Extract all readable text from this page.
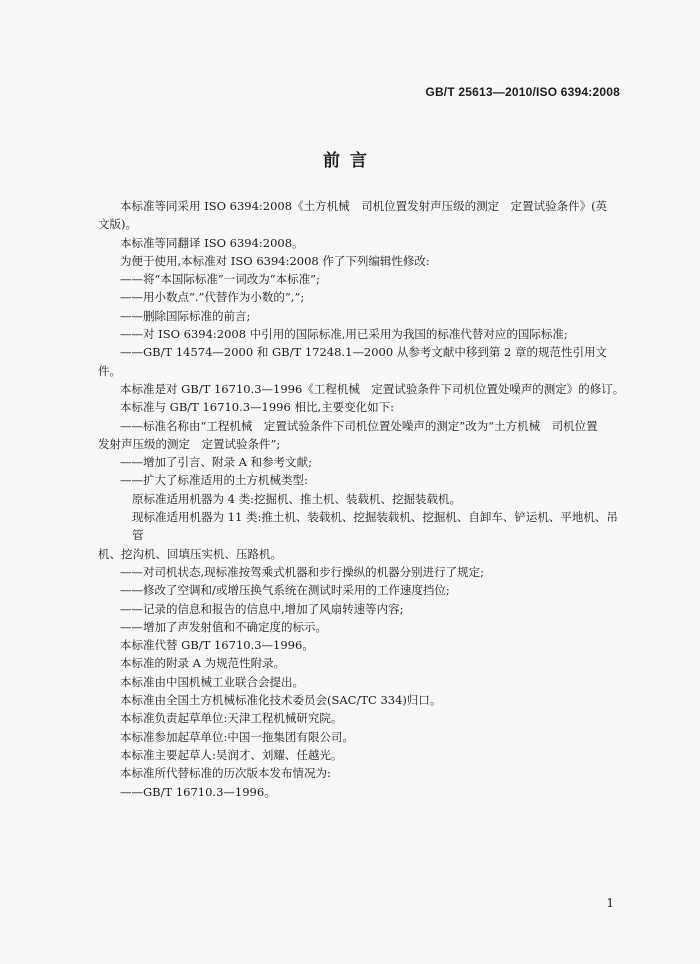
GB/T 25613—2010/ISO 6394:2008
前言

本标准等同采用 ISO 6394:2008《土方机械　司机位置发射声压级的测定　定置试验条件》(英

文版)。

本标准等同翻译 ISO 6394:2008。

为便于使用,本标准对 ISO 6394:2008 作了下列编辑性修改:

——将“本国际标准”一词改为“本标准”;

——用小数点“.”代替作为小数的“,”;

——删除国际标准的前言;

——对 ISO 6394:2008 中引用的国际标准,用已采用为我国的标准代替对应的国际标准;

——GB/T 14574—2000 和 GB/T 17248.1—2000 从参考文献中移到第 2 章的规范性引用文件。

本标准是对 GB/T 16710.3—1996《工程机械　定置试验条件下司机位置处噪声的测定》的修订。

本标准与 GB/T 16710.3—1996 相比,主要变化如下:

——标准名称由“工程机械　定置试验条件下司机位置处噪声的测定”改为“土方机械　司机位置

发射声压级的测定　定置试验条件”;

——增加了引言、附录 A 和参考文献;

——扩大了标准适用的土方机械类型:

原标准适用机器为 4 类:挖掘机、推土机、装载机、挖掘装载机。

现标准适用机器为 11 类:推土机、装载机、挖掘装载机、挖掘机、自卸车、铲运机、平地机、吊管

机、挖沟机、回填压实机、压路机。

——对司机状态,现标准按驾乘式机器和步行操纵的机器分别进行了规定;

——修改了空调和/或增压换气系统在测试时采用的工作速度挡位;

——记录的信息和报告的信息中,增加了风扇转速等内容;

——增加了声发射值和不确定度的标示。

本标准代替 GB/T 16710.3—1996。

本标准的附录 A 为规范性附录。

本标准由中国机械工业联合会提出。

本标准由全国土方机械标准化技术委员会(SAC/TC 334)归口。

本标准负责起草单位:天津工程机械研究院。

本标准参加起草单位:中国一拖集团有限公司。

本标准主要起草人:吴润才、刘耀、任越光。

本标准所代替标准的历次版本发布情况为:

——GB/T 16710.3—1996。

1
